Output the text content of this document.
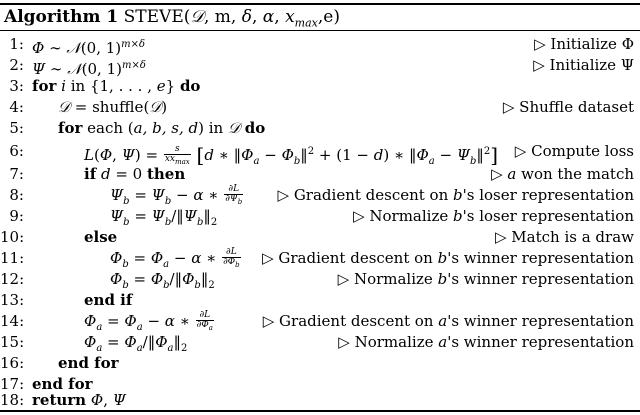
Algorithm 1 STEVE(𝒟, m, δ, α, $x_{max},e$)
1: Φ ∼ 𝒩(0, 1)$^{m\times\delta}$	▷ Initialize Φ
2: Ψ ∼ 𝒩(0, 1)$^{m\times\delta}$	▷ Initialize Ψ
3: for i in {1, . . . , e} do
4: 𝒟 = shuffle(𝒟)	▷ Shuffle dataset
5: for each (a, b, s, d) in 𝒟 do
6:	L(Φ, $\Psi) = \frac{s}{xx_{max}} [d$ ∗ $‖\Phi_a$ − $\Phi_b‖^2 + (1 - d)$ ∗ $‖\Phi_a$ − $\Psi_b‖^2$] ▷ Compute loss
7:	if d = 0 then	▷ a won the match
8:	$\Psi_b = \Psi_b - \alpha$ ∗ $\frac{\partial L}{\partial\Psi_b}$ ▷ Gradient descent on b's loser representation
9:	$\Psi_b$ = $\Psi_b/‖\Psi_b‖_2$	▷ Normalize b's loser representation
10:	else	▷ Match is a draw
11:	$\Phi_b = \Phi_a - \alpha$ ∗ $\frac{\partial L}{\partial\Phi_b}$ ▷ Gradient descent on b's winner representation
12:	$\Phi_b$ = $\Phi_b/‖\Phi_b‖_2$	▷ Normalize b's winner representation
13:	end if
14:	$\Phi_a = \Phi_a - \alpha$ ∗ $\frac{\partial L}{\partial\Phi_a}$	▷ Gradient descent on a's winner representation
15:	$\Phi_a$ = $\Phi_a/‖\Phi_a‖_2$	▷ Normalize a's winner representation
16: end for
17: end for
18: return Φ, Ψ
